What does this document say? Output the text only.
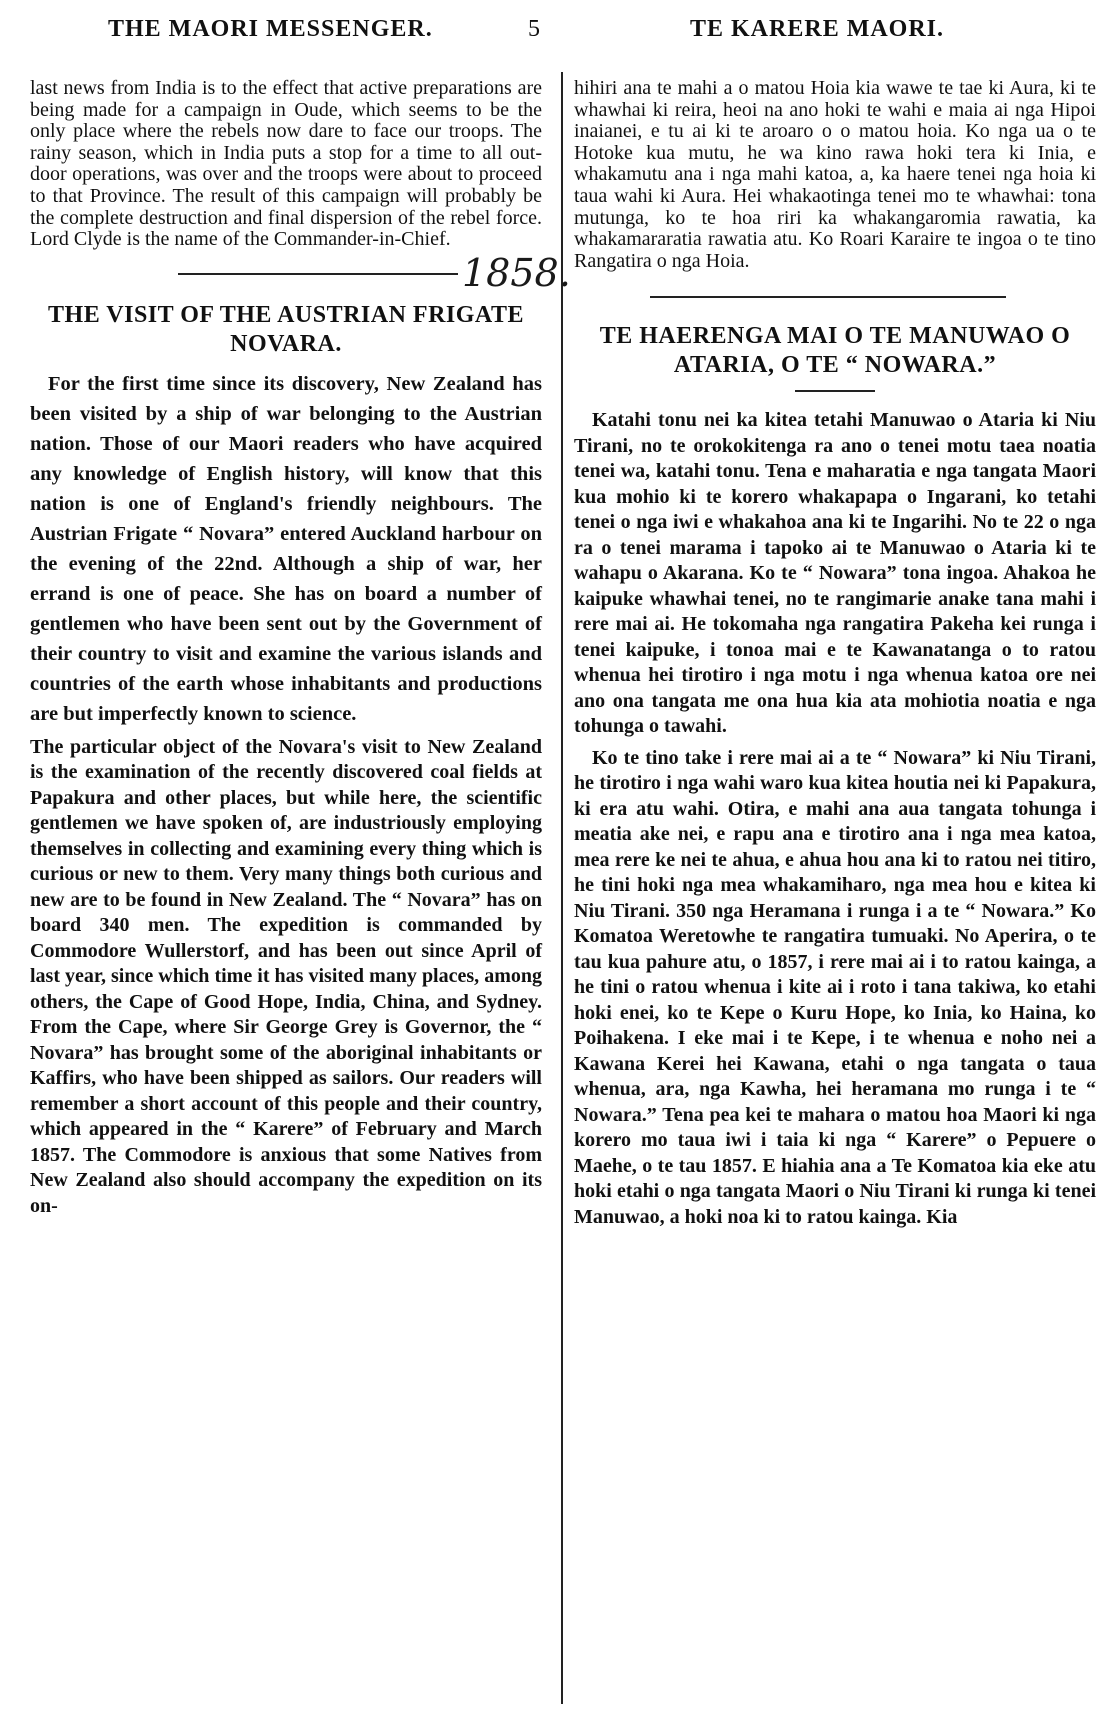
THE MAORI MESSENGER.	5	TE KARERE MAORI.

last news from India is to the effect that active preparations are being made for a campaign in Oude, which seems to be the only place where the rebels now dare to face our troops. The rainy season, which in India puts a stop for a time to all out-door operations, was over and the troops were about to proceed to that Province. The result of this campaign will probably be the complete destruction and final dispersion of the rebel force. Lord Clyde is the name of the Commander-in-Chief.

1858.
THE VISIT OF THE AUSTRIAN FRIGATE NOVARA.

For the first time since its discovery, New Zealand has been visited by a ship of war belonging to the Austrian nation. Those of our Maori readers who have acquired any knowledge of English history, will know that this nation is one of England's friendly neighbours. The Austrian Frigate “ Novara” entered Auckland harbour on the evening of the 22nd. Although a ship of war, her errand is one of peace. She has on board a number of gentlemen who have been sent out by the Government of their country to visit and examine the various islands and countries of the earth whose inhabitants and productions are but imperfectly known to science.

The particular object of the Novara's visit to New Zealand is the examination of the recently discovered coal fields at Papakura and other places, but while here, the scientific gentlemen we have spoken of, are industriously employing themselves in collecting and examining every thing which is curious or new to them. Very many things both curious and new are to be found in New Zealand. The “ Novara” has on board 340 men. The expedition is commanded by Commodore Wullerstorf, and has been out since April of last year, since which time it has visited many places, among others, the Cape of Good Hope, India, China, and Sydney. From the Cape, where Sir George Grey is Governor, the “ Novara” has brought some of the aboriginal inhabitants or Kaffirs, who have been shipped as sailors. Our readers will remember a short account of this people and their country, which appeared in the “ Karere” of February and March 1857. The Commodore is anxious that some Natives from New Zealand also should accompany the expedition on its on-

hihiri ana te mahi a o matou Hoia kia wawe te tae ki Aura, ki te whawhai ki reira, heoi na ano hoki te wahi e maia ai nga Hipoi inaianei, e tu ai ki te aroaro o o matou hoia. Ko nga ua o te Hotoke kua mutu, he wa kino rawa hoki tera ki Inia, e whakamutu ana i nga mahi katoa, a, ka haere tenei nga hoia ki taua wahi ki Aura. Hei whakaotinga tenei mo te whawhai: tona mutunga, ko te hoa riri ka whakangaromia rawatia, ka whakamararatia rawatia atu. Ko Roari Karaire te ingoa o te tino Rangatira o nga Hoia.

TE HAERENGA MAI O TE MANUWAO O ATARIA, O TE “ NOWARA.”

Katahi tonu nei ka kitea tetahi Manuwao o Ataria ki Niu Tirani, no te orokokitenga ra ano o tenei motu taea noatia tenei wa, katahi tonu. Tena e maharatia e nga tangata Maori kua mohio ki te korero whakapapa o Ingarani, ko tetahi tenei o nga iwi e whakahoa ana ki te Ingarihi. No te 22 o nga ra o tenei marama i tapoko ai te Manuwao o Ataria ki te wahapu o Akarana. Ko te “ Nowara” tona ingoa. Ahakoa he kaipuke whawhai tenei, no te rangimarie anake tana mahi i rere mai ai. He tokomaha nga rangatira Pakeha kei runga i tenei kaipuke, i tonoa mai e te Kawanatanga o to ratou whenua hei tirotiro i nga motu i nga whenua katoa ore nei ano ona tangata me ona hua kia ata mohiotia noatia e nga tohunga o tawahi.

Ko te tino take i rere mai ai a te “ Nowara” ki Niu Tirani, he tirotiro i nga wahi waro kua kitea houtia nei ki Papakura, ki era atu wahi. Otira, e mahi ana aua tangata tohunga i meatia ake nei, e rapu ana e tirotiro ana i nga mea katoa, mea rere ke nei te ahua, e ahua hou ana ki to ratou nei titiro, he tini hoki nga mea whakamiharo, nga mea hou e kitea ki Niu Tirani. 350 nga Heramana i runga i a te “ Nowara.” Ko Komatoa Weretowhe te rangatira tumuaki. No Aperira, o te tau kua pahure atu, o 1857, i rere mai ai i to ratou kainga, a he tini o ratou whenua i kite ai i roto i tana takiwa, ko etahi hoki enei, ko te Kepe o Kuru Hope, ko Inia, ko Haina, ko Poihakena. I eke mai i te Kepe, i te whenua e noho nei a Kawana Kerei hei Kawana, etahi o nga tangata o taua whenua, ara, nga Kawha, hei heramana mo runga i te “ Nowara.” Tena pea kei te mahara o matou hoa Maori ki nga korero mo taua iwi i taia ki nga “ Karere” o Pepuere o Maehe, o te tau 1857. E hiahia ana a Te Komatoa kia eke atu hoki etahi o nga tangata Maori o Niu Tirani ki runga ki tenei Manuwao, a hoki noa ki to ratou kainga. Kia
